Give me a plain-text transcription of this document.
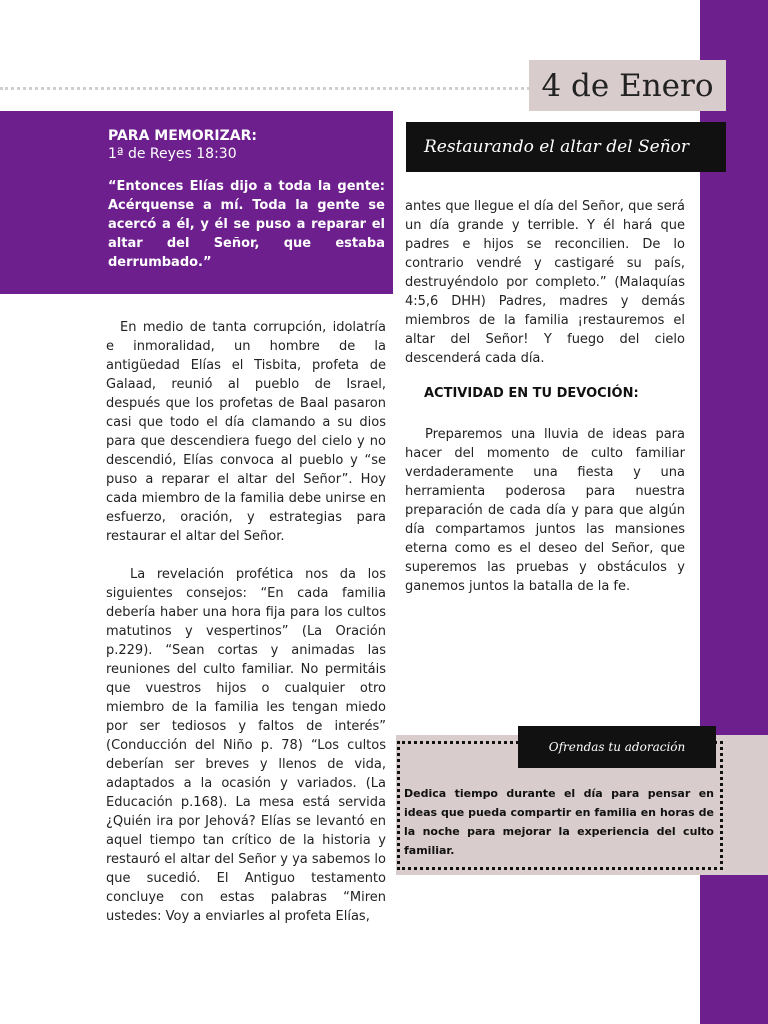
4 de Enero
PARA MEMORIZAR:
1ª de Reyes 18:30
“Entonces Elías dijo a toda la gente: Acérquense a mí. Toda la gente se acercó a él, y él se puso a reparar el altar del Señor, que estaba derrumbado.”
Restaurando el altar del Señor

En medio de tanta corrupción, idolatría e inmoralidad, un hombre de la antigüedad Elías el Tisbita, profeta de Galaad, reunió al pueblo de Israel, después que los profetas de Baal pasaron casi que todo el día clamando a su dios para que descendiera fuego del cielo y no descendió, Elías convoca al pueblo y “se puso a reparar el altar del Señor”. Hoy cada miembro de la familia debe unirse en esfuerzo, oración, y estrategias para restaurar el altar del Señor.

La revelación profética nos da los siguientes consejos: “En cada familia debería haber una hora fija para los cultos matutinos y vespertinos” (La Oración p.229). “Sean cortas y animadas las reuniones del culto familiar. No permitáis que vuestros hijos o cualquier otro miembro de la familia les tengan miedo por ser tediosos y faltos de interés” (Conducción del Niño p. 78) “Los cultos deberían ser breves y llenos de vida, adaptados a la ocasión y variados. (La Educación p.168). La mesa está servida ¿Quién ira por Jehová? Elías se levantó en aquel tiempo tan crítico de la historia y restauró el altar del Señor y ya sabemos lo que sucedió. El Antiguo testamento concluye con estas palabras “Miren ustedes: Voy a enviarles al profeta Elías,

antes que llegue el día del Señor, que será un día grande y terrible. Y él hará que padres e hijos se reconcilien. De lo contrario vendré y castigaré su país, destruyéndolo por completo.” (Malaquías 4:5,6 DHH) Padres, madres y demás miembros de la familia ¡restauremos el altar del Señor! Y fuego del cielo descenderá cada día.

ACTIVIDAD EN TU DEVOCIÓN:

Preparemos una lluvia de ideas para hacer del momento de culto familiar verdaderamente una fiesta y una herramienta poderosa para nuestra preparación de cada día y para que algún día compartamos juntos las mansiones eterna como es el deseo del Señor, que superemos las pruebas y obstáculos y ganemos juntos la batalla de la fe.

Ofrendas tu adoración
Dedica tiempo durante el día para pensar en ideas que pueda compartir en familia en horas de la noche para mejorar la experiencia del culto familiar.
